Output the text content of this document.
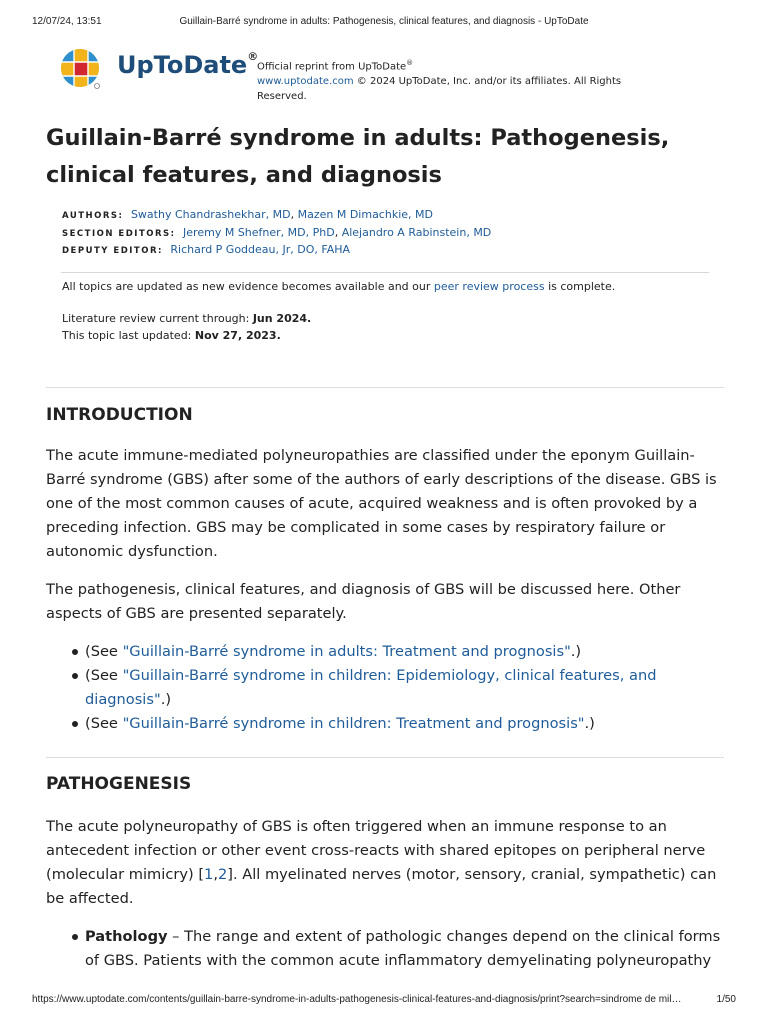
12/07/24, 13:51	Guillain-Barré syndrome in adults: Pathogenesis, clinical features, and diagnosis - UpToDate
UpToDate®
Official reprint from UpToDate®
www.uptodate.com © 2024 UpToDate, Inc. and/or its affiliates. All Rights Reserved.
Guillain-Barré syndrome in adults: Pathogenesis, clinical features, and diagnosis
AUTHORS: Swathy Chandrashekhar, MD, Mazen M Dimachkie, MD
SECTION EDITORS: Jeremy M Shefner, MD, PhD, Alejandro A Rabinstein, MD
DEPUTY EDITOR: Richard P Goddeau, Jr, DO, FAHA
All topics are updated as new evidence becomes available and our peer review process is complete.
Literature review current through: Jun 2024.
This topic last updated: Nov 27, 2023.
INTRODUCTION

The acute immune-mediated polyneuropathies are classified under the eponym Guillain-Barré syndrome (GBS) after some of the authors of early descriptions of the disease. GBS is one of the most common causes of acute, acquired weakness and is often provoked by a preceding infection. GBS may be complicated in some cases by respiratory failure or autonomic dysfunction.

The pathogenesis, clinical features, and diagnosis of GBS will be discussed here. Other aspects of GBS are presented separately.

(See "Guillain-Barré syndrome in adults: Treatment and prognosis".)
(See "Guillain-Barré syndrome in children: Epidemiology, clinical features, and diagnosis".)
(See "Guillain-Barré syndrome in children: Treatment and prognosis".)
PATHOGENESIS

The acute polyneuropathy of GBS is often triggered when an immune response to an antecedent infection or other event cross-reacts with shared epitopes on peripheral nerve (molecular mimicry) [1,2]. All myelinated nerves (motor, sensory, cranial, sympathetic) can be affected.

Pathology – The range and extent of pathologic changes depend on the clinical forms of GBS. Patients with the common acute inflammatory demyelinating polyneuropathy
https://www.uptodate.com/contents/guillain-barre-syndrome-in-adults-pathogenesis-clinical-features-and-diagnosis/print?search=sindrome de mil…	1/50
